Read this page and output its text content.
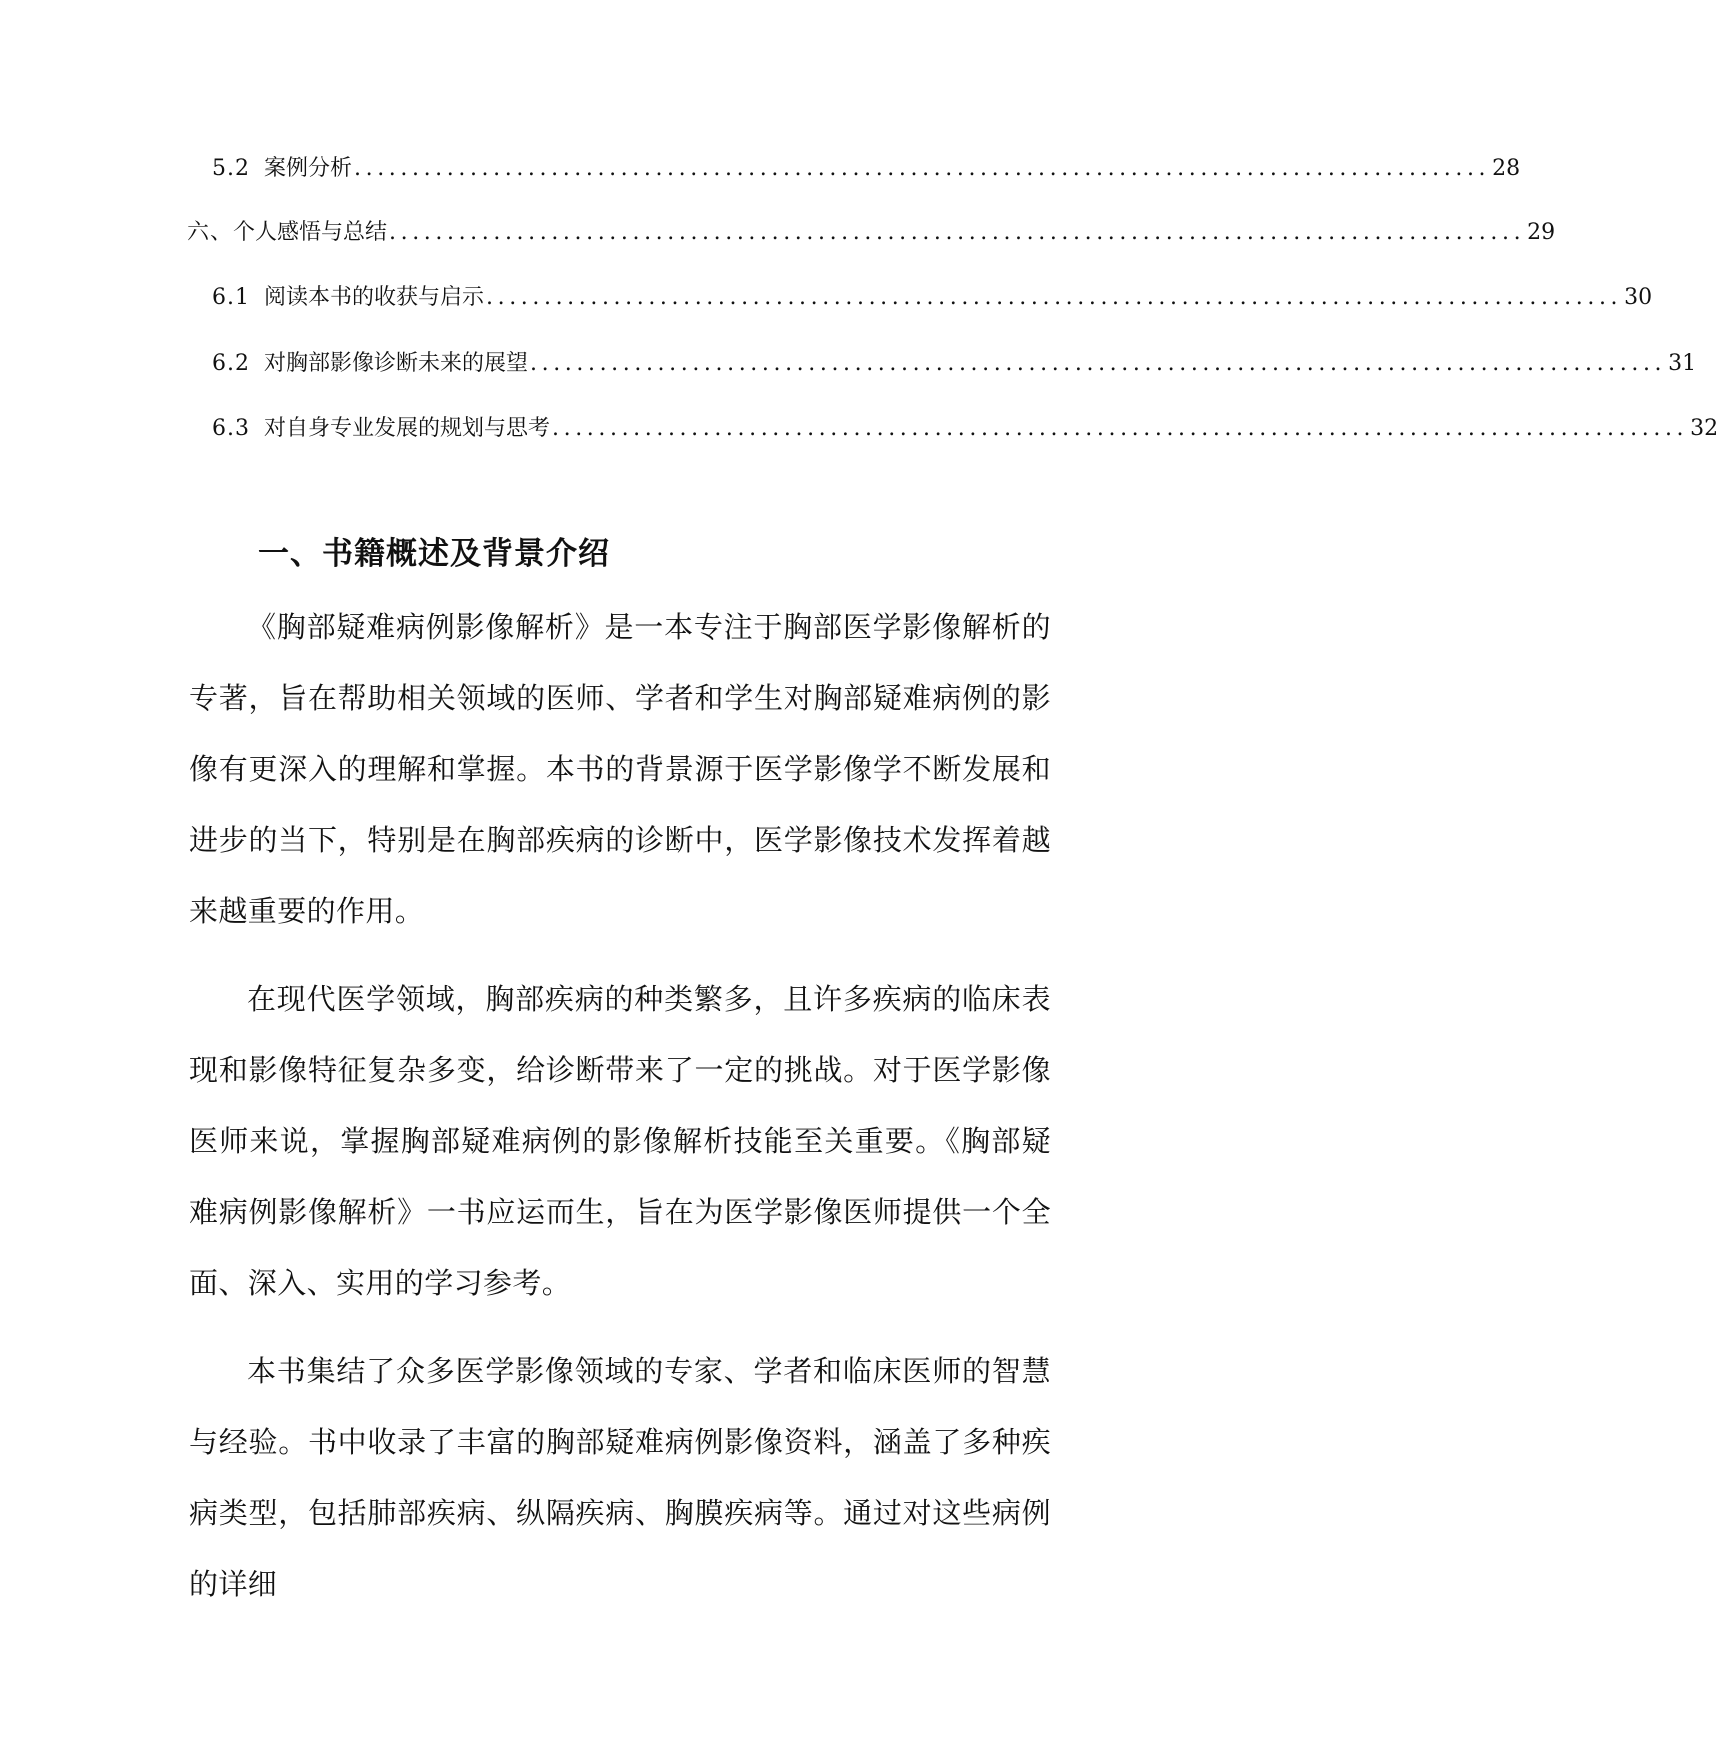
5.2 案例分析 .................................................................................................. 28
六、 个人感悟与总结 .................................................................................................. 29
6.1 阅读本书的收获与启示 .................................................................................................. 30
6.2 对胸部影像诊断未来的展望 .................................................................................................. 31
6.3 对自身专业发展的规划与思考 .................................................................................................. 32
一、书籍概述及背景介绍

《胸部疑难病例影像解析》是一本专注于胸部医学影像解析的专著，旨在帮助相关领域的医师、学者和学生对胸部疑难病例的影像有更深入的理解和掌握。本书的背景源于医学影像学不断发展和进步的当下，特别是在胸部疾病的诊断中，医学影像技术发挥着越来越重要的作用。

在现代医学领域，胸部疾病的种类繁多，且许多疾病的临床表现和影像特征复杂多变，给诊断带来了一定的挑战。对于医学影像医师来说，掌握胸部疑难病例的影像解析技能至关重要。《胸部疑难病例影像解析》一书应运而生，旨在为医学影像医师提供一个全面、深入、实用的学习参考。

本书集结了众多医学影像领域的专家、学者和临床医师的智慧与经验。书中收录了丰富的胸部疑难病例影像资料，涵盖了多种疾病类型，包括肺部疾病、纵隔疾病、胸膜疾病等。通过对这些病例的详细
